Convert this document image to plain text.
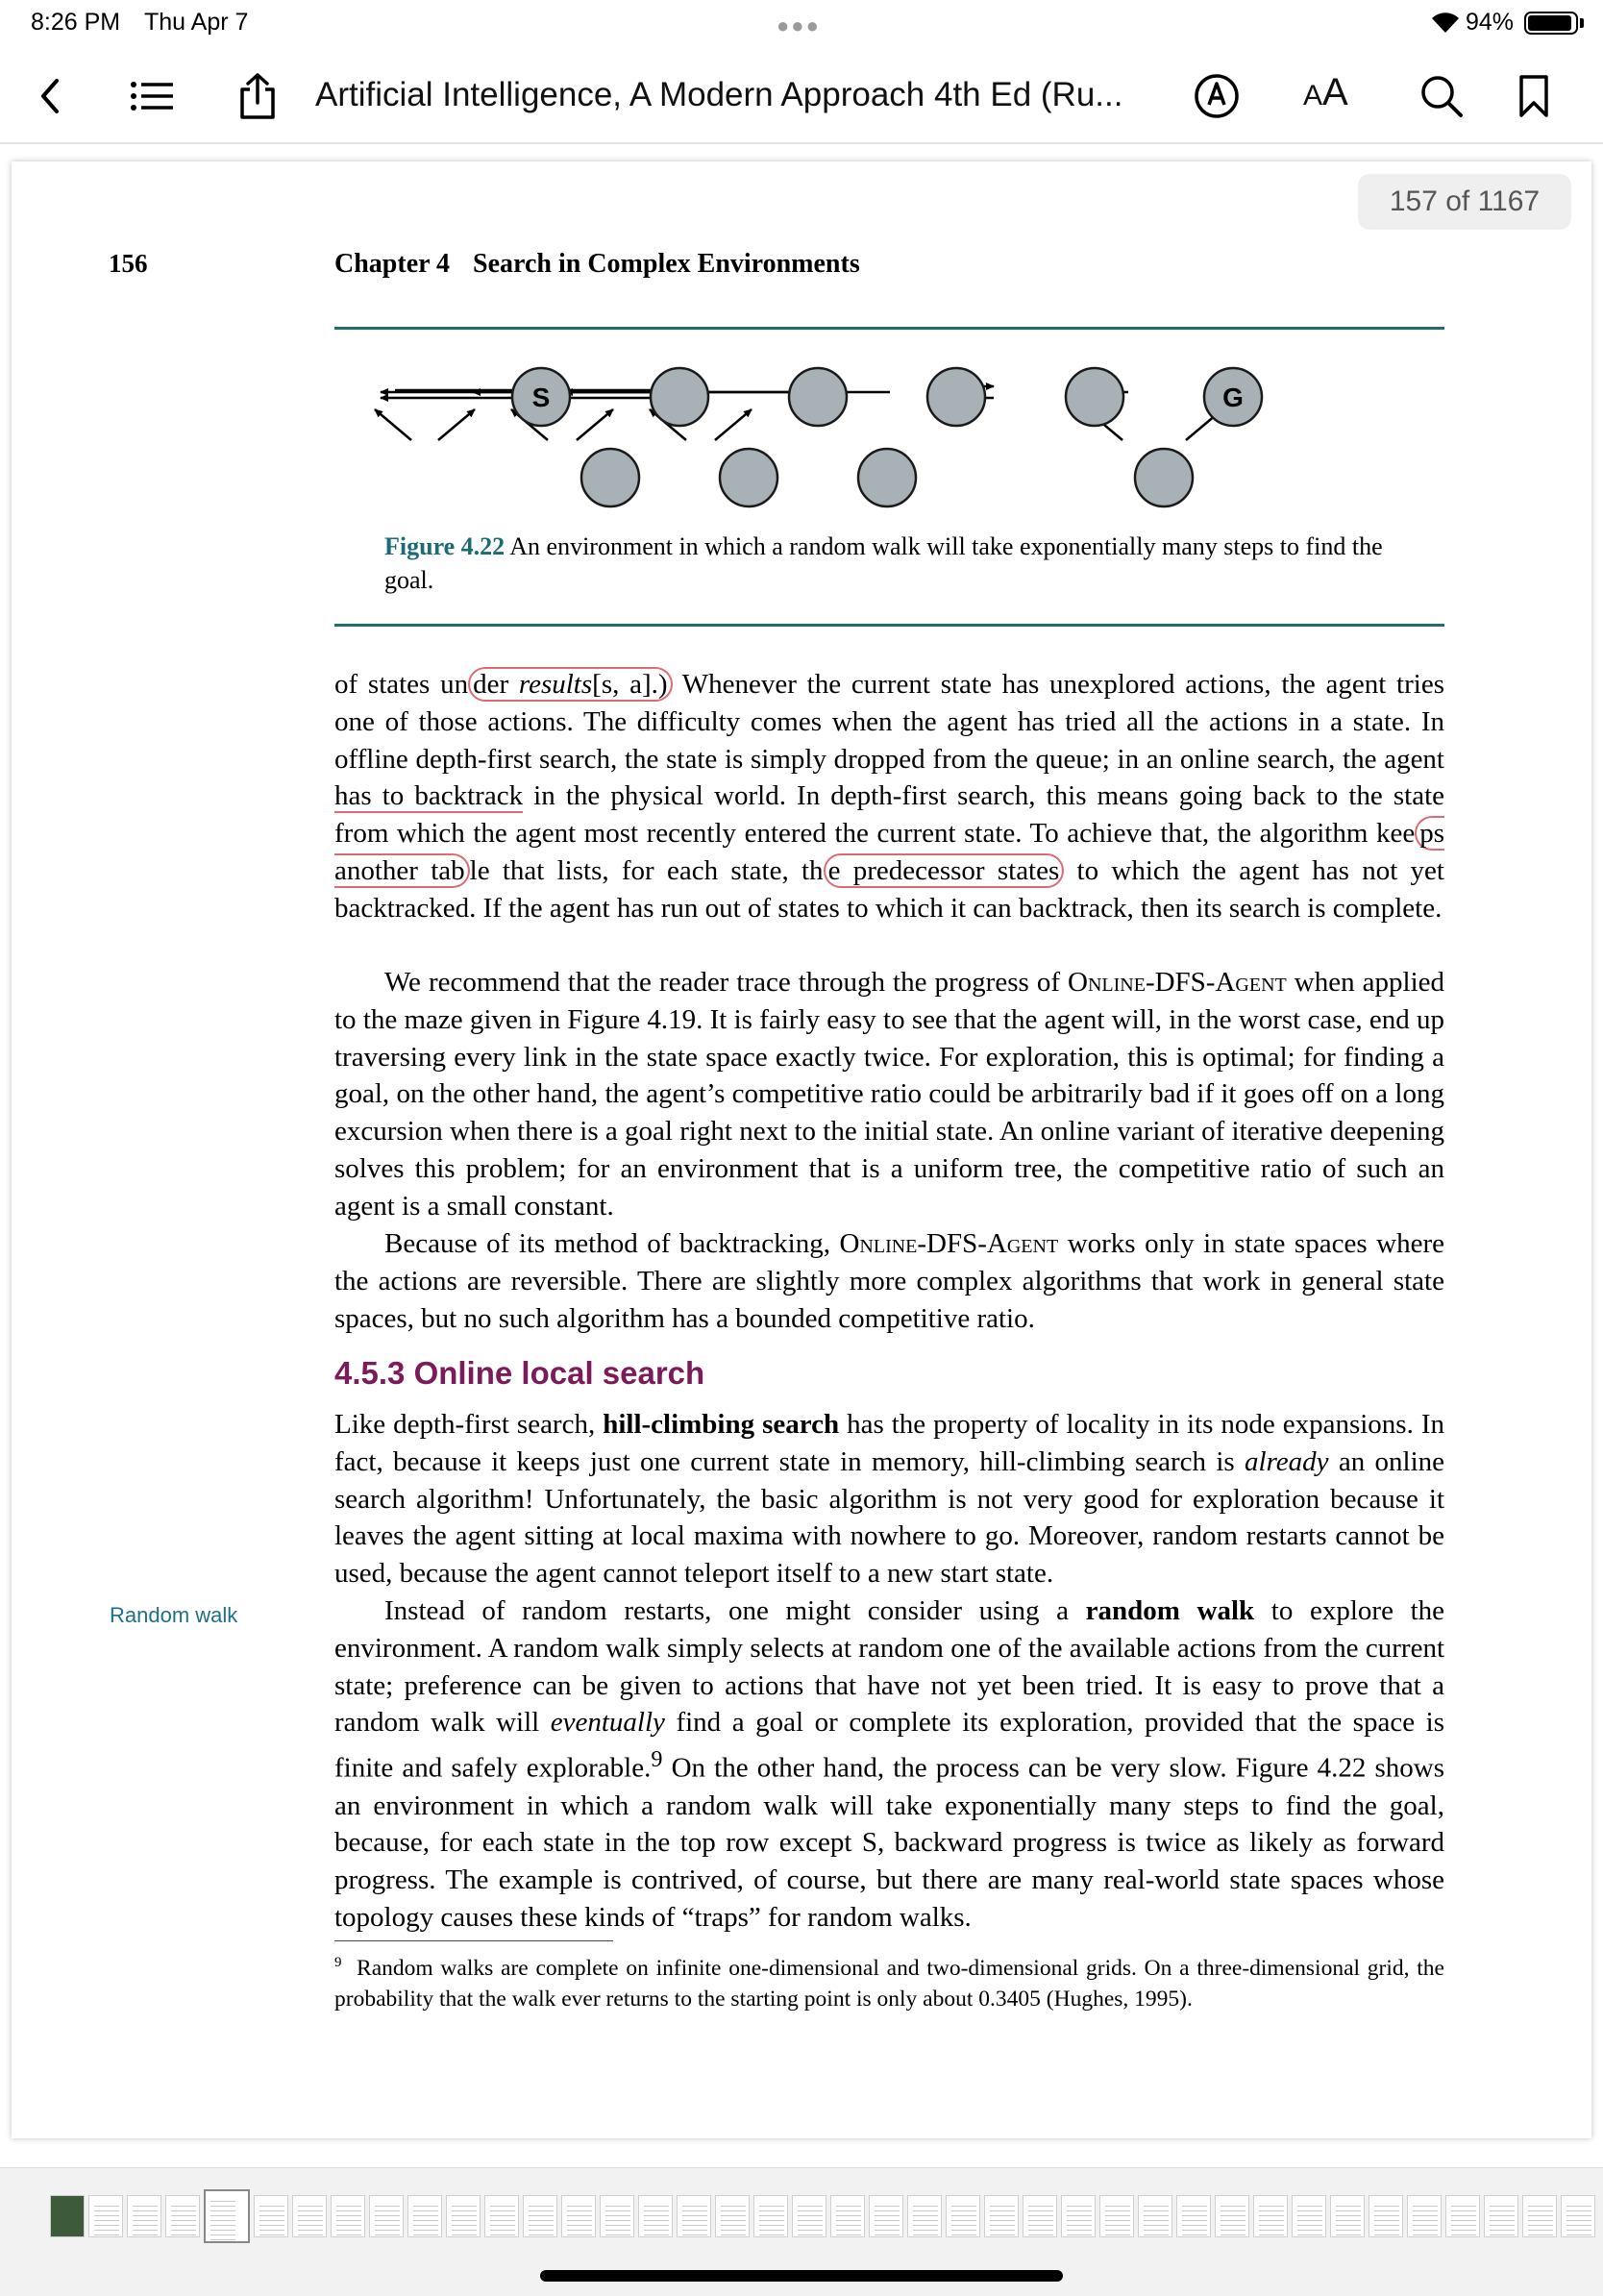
8:26 PM Thu Apr 7	●●●	94%
Artificial Intelligence, A Modern Approach 4th Ed (Ru...	AA
157 of 1167
156	Chapter 4 Search in Complex Environments
S	G
Figure 4.22 An environment in which a random walk will take exponentially many steps to find the goal.

of states un der results[s, a].) Whenever the current state has unexplored actions, the agent tries one of those actions. The difficulty comes when the agent has tried all the actions in a state. In offline depth-first search, the state is simply dropped from the queue; in an online search, the agent has to backtrack in the physical world. In depth-first search, this means going back to the state from which the agent most recently entered the current state. To achieve that, the algorithm kee ps another tab le that lists, for each state, th e predecessor states to which the agent has not yet backtracked. If the agent has run out of states to which it can backtrack, then its search is complete.

We recommend that the reader trace through the progress of Online-DFS-Agent when applied to the maze given in Figure 4.19. It is fairly easy to see that the agent will, in the worst case, end up traversing every link in the state space exactly twice. For exploration, this is optimal; for finding a goal, on the other hand, the agent’s competitive ratio could be arbitrarily bad if it goes off on a long excursion when there is a goal right next to the initial state. An online variant of iterative deepening solves this problem; for an environment that is a uniform tree, the competitive ratio of such an agent is a small constant.

Because of its method of backtracking, Online-DFS-Agent works only in state spaces where the actions are reversible. There are slightly more complex algorithms that work in general state spaces, but no such algorithm has a bounded competitive ratio.

4.5.3 Online local search

Like depth-first search, hill-climbing search has the property of locality in its node expansions. In fact, because it keeps just one current state in memory, hill-climbing search is already an online search algorithm! Unfortunately, the basic algorithm is not very good for exploration because it leaves the agent sitting at local maxima with nowhere to go. Moreover, random restarts cannot be used, because the agent cannot teleport itself to a new start state.

Random walk	Instead of random restarts, one might consider using a random walk to explore the environment. A random walk simply selects at random one of the available actions from the current state; preference can be given to actions that have not yet been tried. It is easy to prove that a random walk will eventually find a goal or complete its exploration, provided that the space is finite and safely explorable.$^9$ On the other hand, the process can be very slow. Figure 4.22 shows an environment in which a random walk will take exponentially many steps to find the goal, because, for each state in the top row except S, backward progress is twice as likely as forward progress. The example is contrived, of course, but there are many real-world state spaces whose topology causes these kinds of “traps” for random walks.

$^9$ Random walks are complete on infinite one-dimensional and two-dimensional grids. On a three-dimensional grid, the probability that the walk ever returns to the starting point is only about 0.3405 (Hughes, 1995).
